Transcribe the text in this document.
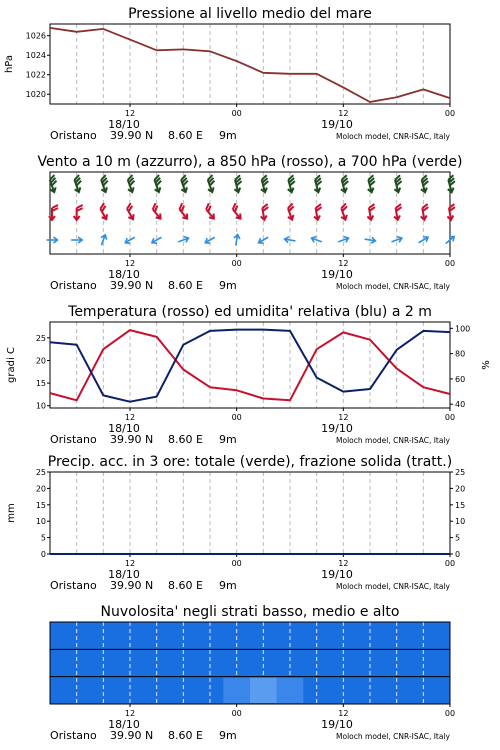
Pressione al livello medio del mare
12	00	12	00
18/10	19/10
Oristano 39.90 N 8.60 E 9m	Moloch model, CNR-ISAC, Italy
1020
1022
1024
1026
hPa
Vento a 10 m (azzurro), a 850 hPa (rosso), a 700 hPa (verde)
12	00	12	00
18/10	19/10
Oristano 39.90 N 8.60 E 9m	Moloch model, CNR-ISAC, Italy
Temperatura (rosso) ed umidita' relativa (blu) a 2 m
12	00	12	00
18/10	19/10
Oristano 39.90 N 8.60 E 9m	Moloch model, CNR-ISAC, Italy
10
15
20
25
gradi C
40
60
80
100
%
Precip. acc. in 3 ore: totale (verde), frazione solida (tratt.)
12	00	12	00
18/10	19/10
Oristano 39.90 N 8.60 E 9m	Moloch model, CNR-ISAC, Italy
0
5
10
15
20
25
mm
0
5
10
15
20
25
Nuvolosita' negli strati basso, medio e alto
12	00	12	00
18/10	19/10
Oristano 39.90 N 8.60 E 9m	Moloch model, CNR-ISAC, Italy
